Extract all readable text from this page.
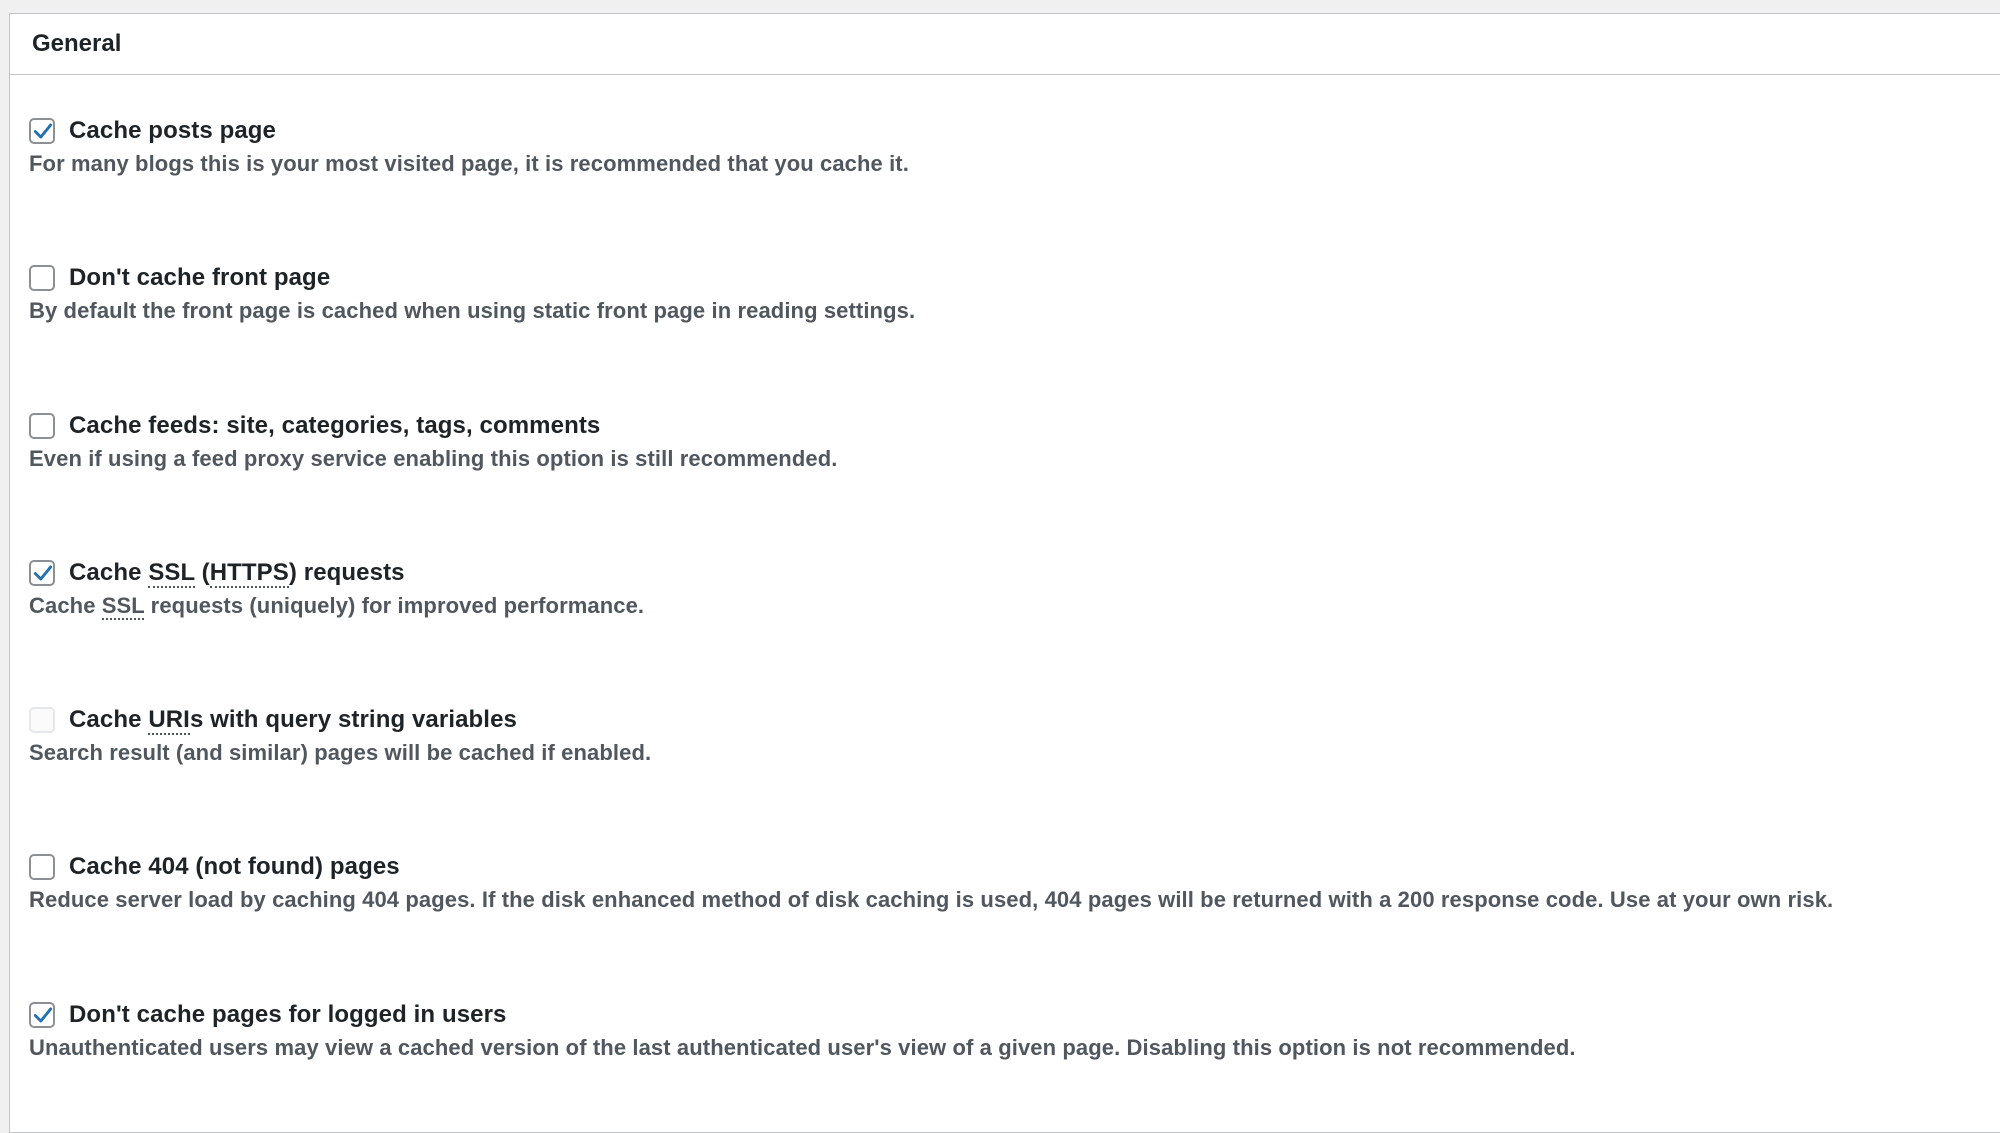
General
Cache posts page
For many blogs this is your most visited page, it is recommended that you cache it.
Don't cache front page
By default the front page is cached when using static front page in reading settings.
Cache feeds: site, categories, tags, comments
Even if using a feed proxy service enabling this option is still recommended.
Cache SSL (HTTPS) requests
Cache SSL requests (uniquely) for improved performance.
Cache URIs with query string variables
Search result (and similar) pages will be cached if enabled.
Cache 404 (not found) pages
Reduce server load by caching 404 pages. If the disk enhanced method of disk caching is used, 404 pages will be returned with a 200 response code. Use at your own risk.
Don't cache pages for logged in users
Unauthenticated users may view a cached version of the last authenticated user's view of a given page. Disabling this option is not recommended.
